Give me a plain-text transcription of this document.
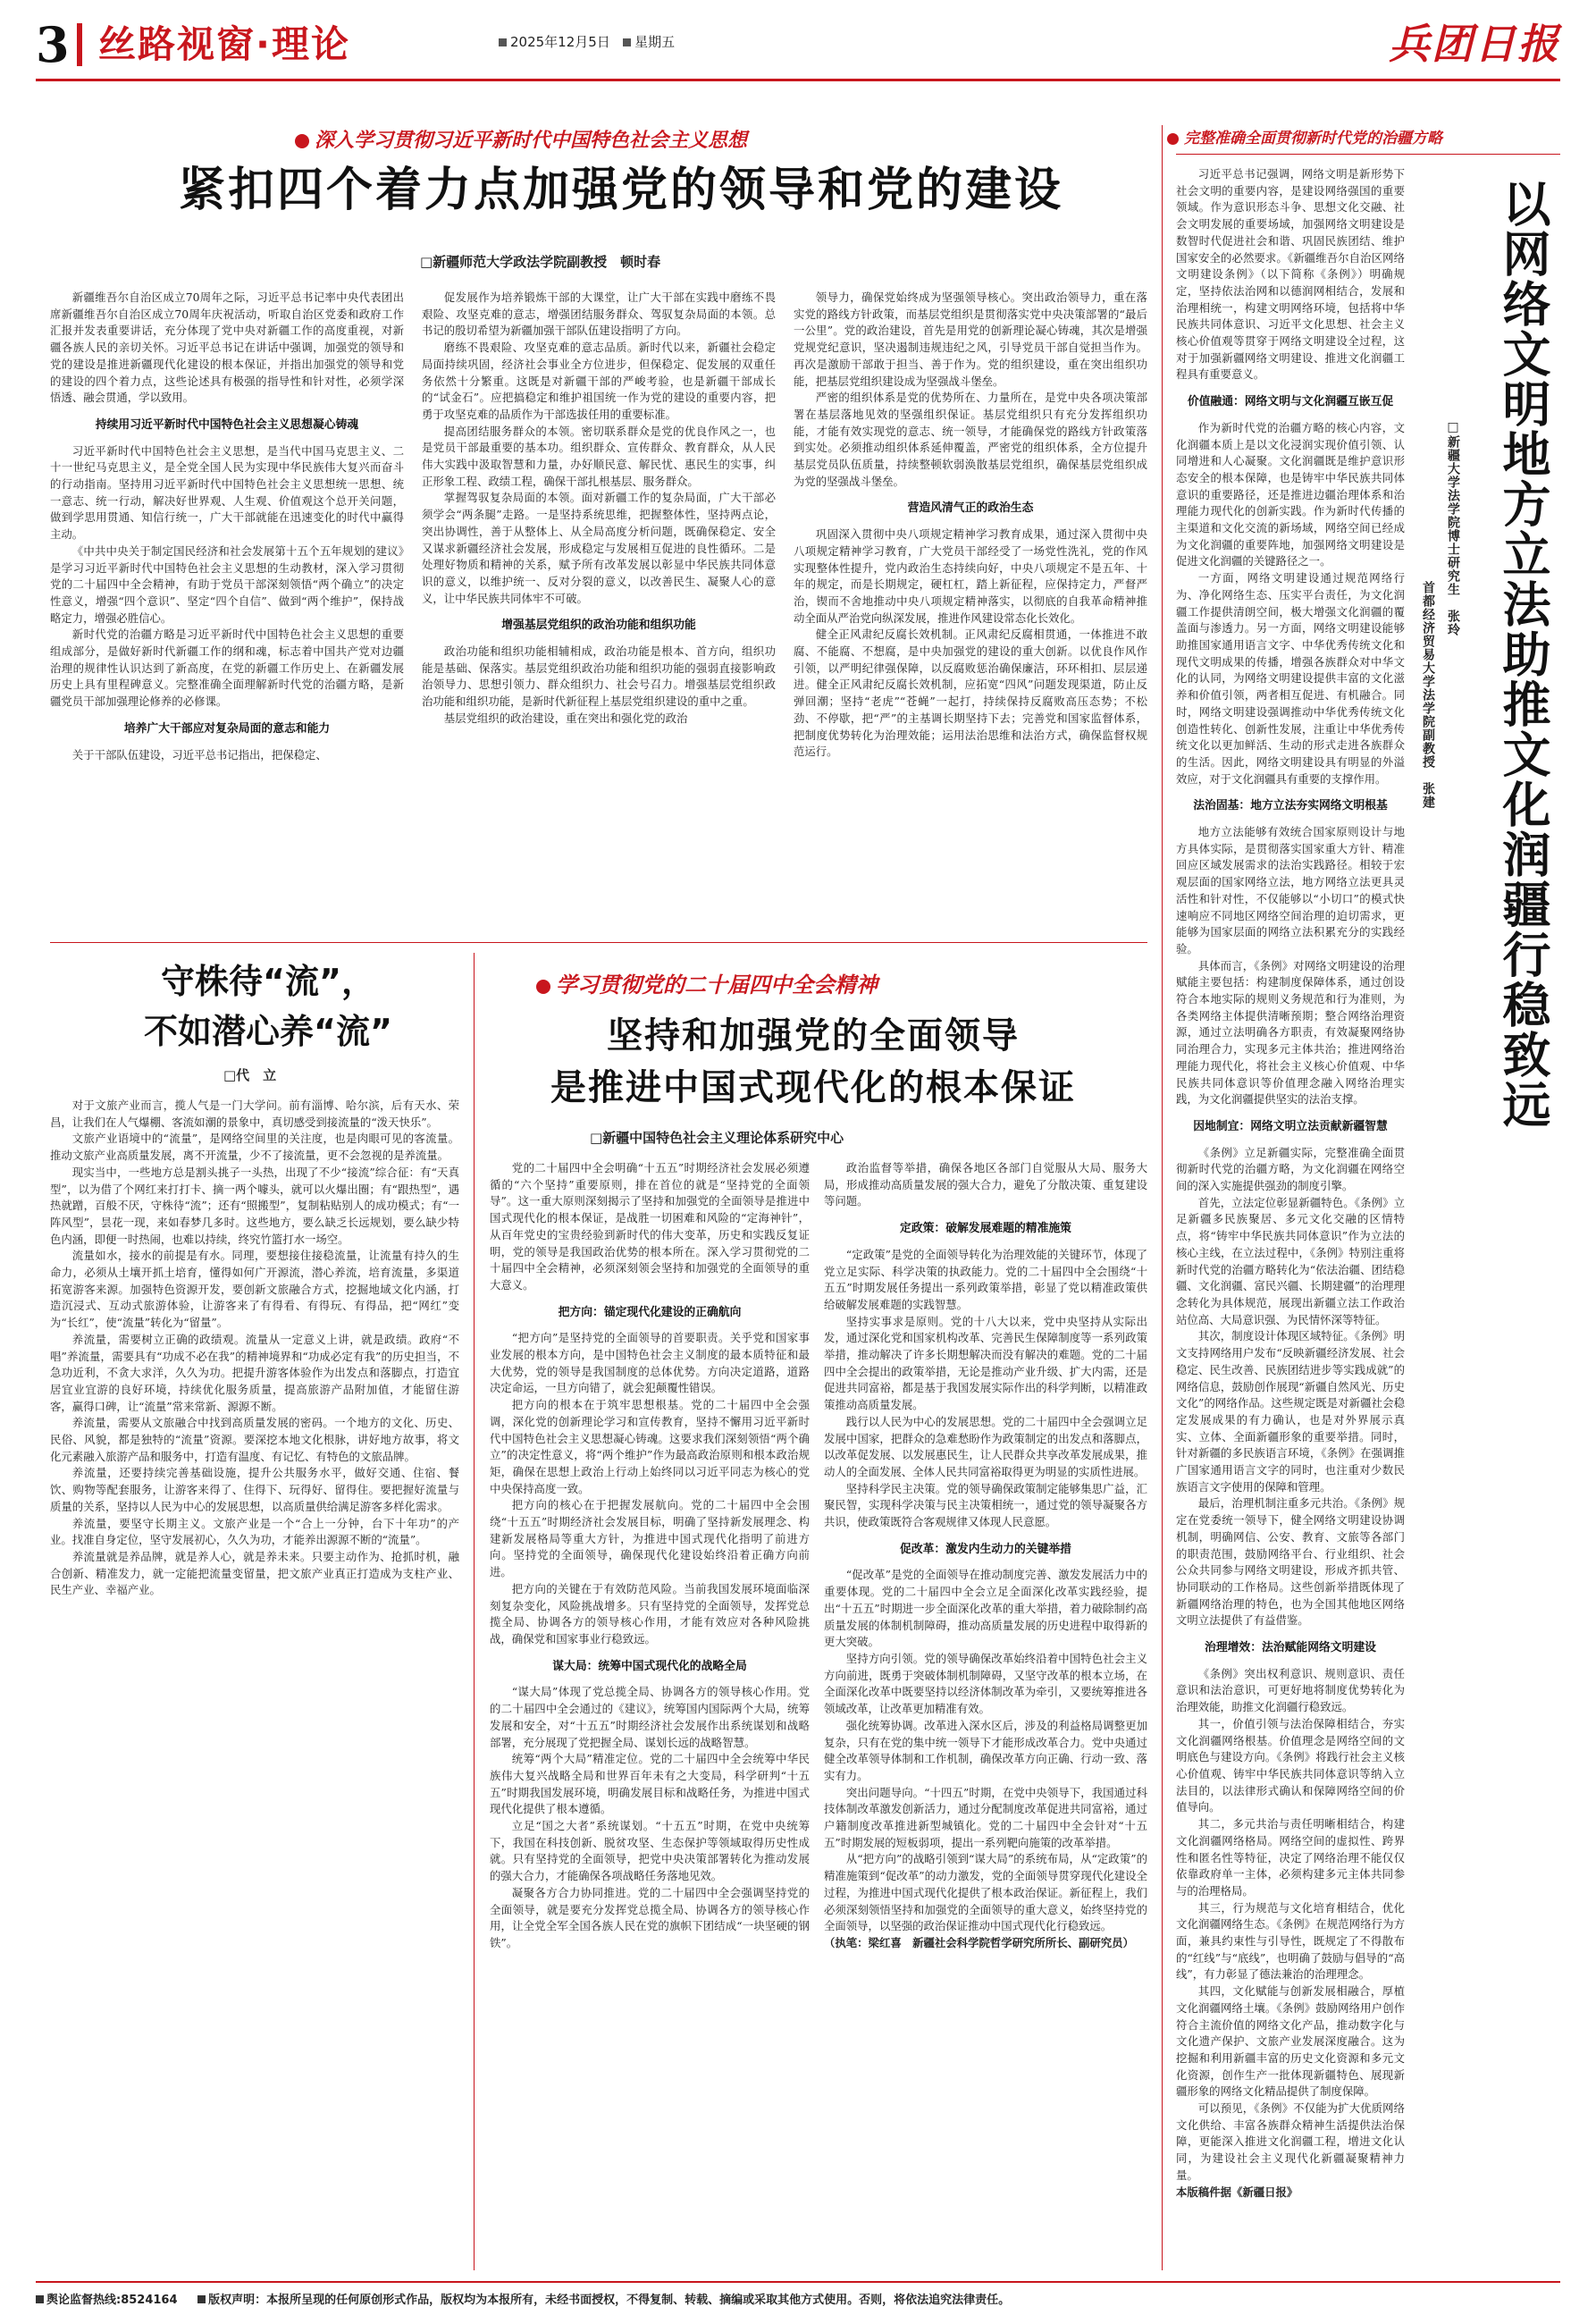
3 丝路视窗·理论	2025年12月5日 星期五	兵团日报
深入学习贯彻习近平新时代中国特色社会主义思想
紧扣四个着力点加强党的领导和党的建设
□新疆师范大学政法学院副教授　顿时春

新疆维吾尔自治区成立70周年之际，习近平总书记率中央代表团出席新疆维吾尔自治区成立70周年庆祝活动，听取自治区党委和政府工作汇报并发表重要讲话，充分体现了党中央对新疆工作的高度重视，对新疆各族人民的亲切关怀。习近平总书记在讲话中强调，加强党的领导和党的建设是推进新疆现代化建设的根本保证，并指出加强党的领导和党的建设的四个着力点，这些论述具有极强的指导性和针对性，必须学深悟透、融会贯通，学以致用。

持续用习近平新时代中国特色社会主义思想凝心铸魂

习近平新时代中国特色社会主义思想，是当代中国马克思主义、二十一世纪马克思主义，是全党全国人民为实现中华民族伟大复兴而奋斗的行动指南。坚持用习近平新时代中国特色社会主义思想统一思想、统一意志、统一行动，解决好世界观、人生观、价值观这个总开关问题，做到学思用贯通、知信行统一，广大干部就能在迅速变化的时代中赢得主动。

《中共中央关于制定国民经济和社会发展第十五个五年规划的建议》是学习习近平新时代中国特色社会主义思想的生动教材，深入学习贯彻党的二十届四中全会精神，有助于党员干部深刻领悟“两个确立”的决定性意义，增强“四个意识”、坚定“四个自信”、做到“两个维护”，保持战略定力，增强必胜信心。

新时代党的治疆方略是习近平新时代中国特色社会主义思想的重要组成部分，是做好新时代新疆工作的纲和魂，标志着中国共产党对边疆治理的规律性认识达到了新高度，在党的新疆工作历史上、在新疆发展历史上具有里程碑意义。完整准确全面理解新时代党的治疆方略，是新疆党员干部加强理论修养的必修课。

培养广大干部应对复杂局面的意志和能力

关于干部队伍建设，习近平总书记指出，把保稳定、

促发展作为培养锻炼干部的大课堂，让广大干部在实践中磨练不畏艰险、攻坚克难的意志，增强团结服务群众、驾驭复杂局面的本领。总书记的殷切希望为新疆加强干部队伍建设指明了方向。

磨练不畏艰险、攻坚克难的意志品质。新时代以来，新疆社会稳定局面持续巩固，经济社会事业全方位进步，但保稳定、促发展的双重任务依然十分繁重。这既是对新疆干部的严峻考验，也是新疆干部成长的“试金石”。应把搞稳定和维护祖国统一作为党的建设的重要内容，把勇于攻坚克难的品质作为干部选拔任用的重要标准。

提高团结服务群众的本领。密切联系群众是党的优良作风之一，也是党员干部最重要的基本功。组织群众、宣传群众、教育群众，从人民伟大实践中汲取智慧和力量，办好顺民意、解民忧、惠民生的实事，纠正形象工程、政绩工程，确保干部扎根基层、服务群众。

掌握驾驭复杂局面的本领。面对新疆工作的复杂局面，广大干部必须学会“两条腿”走路。一是坚持系统思维，把握整体性，坚持两点论，突出协调性，善于从整体上、从全局高度分析问题，既确保稳定、安全又谋求新疆经济社会发展，形成稳定与发展相互促进的良性循环。二是处理好物质和精神的关系，赋予所有改革发展以彰显中华民族共同体意识的意义，以维护统一、反对分裂的意义，以改善民生、凝聚人心的意义，让中华民族共同体牢不可破。

增强基层党组织的政治功能和组织功能

政治功能和组织功能相辅相成，政治功能是根本、首方向，组织功能是基础、保落实。基层党组织政治功能和组织功能的强弱直接影响政治领导力、思想引领力、群众组织力、社会号召力。增强基层党组织政治功能和组织功能，是新时代新征程上基层党组织建设的重中之重。

基层党组织的政治建设，重在突出和强化党的政治

领导力，确保党始终成为坚强领导核心。突出政治领导力，重在落实党的路线方针政策，而基层党组织是贯彻落实党中央决策部署的“最后一公里”。党的政治建设，首先是用党的创新理论凝心铸魂，其次是增强党规党纪意识，坚决遏制违规违纪之风，引导党员干部自觉担当作为。再次是激励干部敢于担当、善于作为。党的组织建设，重在突出组织功能，把基层党组织建设成为坚强战斗堡垒。

严密的组织体系是党的优势所在、力量所在，是党中央各项决策部署在基层落地见效的坚强组织保证。基层党组织只有充分发挥组织功能，才能有效实现党的意志、统一领导，才能确保党的路线方针政策落到实处。必须推动组织体系延伸覆盖，严密党的组织体系，全方位提升基层党员队伍质量，持续整顿软弱涣散基层党组织，确保基层党组织成为党的坚强战斗堡垒。

营造风清气正的政治生态

巩固深入贯彻中央八项规定精神学习教育成果，通过深入贯彻中央八项规定精神学习教育，广大党员干部经受了一场党性洗礼，党的作风实现整体性提升，党内政治生态持续向好，中央八项规定不是五年、十年的规定，而是长期规定，硬杠杠，踏上新征程，应保持定力，严督严治，锲而不舍地推动中央八项规定精神落实，以彻底的自我革命精神推动全面从严治党向纵深发展，推进作风建设常态化长效化。

健全正风肃纪反腐长效机制。正风肃纪反腐相贯通，一体推进不敢腐、不能腐、不想腐，是中央加强党的建设的重大创新。以优良作风作引领，以严明纪律强保障，以反腐败惩治确保廉洁，环环相扣、层层递进。健全正风肃纪反腐长效机制，应拓宽“四风”问题发现渠道，防止反弹回潮；坚持“老虎”“苍蝇”一起打，持续保持反腐败高压态势；不松劲、不停歇，把“严”的主基调长期坚持下去；完善党和国家监督体系，把制度优势转化为治理效能；运用法治思维和法治方式，确保监督权规范运行。

守株待“流”，
不如潜心养“流”
□代　立

对于文旅产业而言，揽人气是一门大学问。前有淄博、哈尔滨，后有天水、荣昌，让我们在人气爆棚、客流如潮的景象中，真切感受到接流量的“泼天快乐”。

文旅产业语境中的“流量”，是网络空间里的关注度，也是肉眼可见的客流量。推动文旅产业高质量发展，离不开流量，少不了接流量，更不会忽视的是养流量。

现实当中，一些地方总是割头挑子一头热，出现了不少“接流”综合征：有“天真型”，以为借了个网红来打打卡、摘一两个噱头，就可以火爆出圈；有“跟热型”，遇热就蹭，百般不厌，守株待“流”；还有“照搬型”，复制粘贴别人的成功模式；有“一阵风型”，昙花一现，来如春梦几多时。这些地方，要么缺乏长远规划，要么缺少特色内涵，即便一时热闹，也难以持续，终究竹篮打水一场空。

流量如水，接水的前提是有水。同理，要想接住接稳流量，让流量有持久的生命力，必须从土壤开抓土培育，懂得如何广开源流，潜心养流，培育流量，多渠道拓宽游客来源。加强特色资源开发，要创新文旅融合方式，挖掘地域文化内涵，打造沉浸式、互动式旅游体验，让游客来了有得看、有得玩、有得品，把“网红”变为“长红”，使“流量”转化为“留量”。

养流量，需要树立正确的政绩观。流量从一定意义上讲，就是政绩。政府“不唱”养流量，需要具有“功成不必在我”的精神境界和“功成必定有我”的历史担当，不急功近利，不贪大求洋，久久为功。把提升游客体验作为出发点和落脚点，打造宜居宜业宜游的良好环境，持续优化服务质量，提高旅游产品附加值，才能留住游客，赢得口碑，让“流量”常来常新、源源不断。

养流量，需要从文旅融合中找到高质量发展的密码。一个地方的文化、历史、民俗、风貌，都是独特的“流量”资源。要深挖本地文化根脉，讲好地方故事，将文化元素融入旅游产品和服务中，打造有温度、有记忆、有特色的文旅品牌。

养流量，还要持续完善基础设施，提升公共服务水平，做好交通、住宿、餐饮、购物等配套服务，让游客来得了、住得下、玩得好、留得住。要把握好流量与质量的关系，坚持以人民为中心的发展思想，以高质量供给满足游客多样化需求。

养流量，要坚守长期主义。文旅产业是一个“合上一分钟，台下十年功”的产业。找准自身定位，坚守发展初心，久久为功，才能养出源源不断的“流量”。

养流量就是养品牌，就是养人心，就是养未来。只要主动作为、抢抓时机，融合创新、精准发力，就一定能把流量变留量，把文旅产业真正打造成为支柱产业、民生产业、幸福产业。

学习贯彻党的二十届四中全会精神
坚持和加强党的全面领导
是推进中国式现代化的根本保证
□新疆中国特色社会主义理论体系研究中心

党的二十届四中全会明确“十五五”时期经济社会发展必须遵循的“六个坚持”重要原则，排在首位的就是“坚持党的全面领导”。这一重大原则深刻揭示了坚持和加强党的全面领导是推进中国式现代化的根本保证，是战胜一切困难和风险的“定海神针”，从百年党史的宝贵经验到新时代的伟大变革，历史和实践反复证明，党的领导是我国政治优势的根本所在。深入学习贯彻党的二十届四中全会精神，必须深刻领会坚持和加强党的全面领导的重大意义。

把方向：锚定现代化建设的正确航向

“把方向”是坚持党的全面领导的首要职责。关乎党和国家事业发展的根本方向，是中国特色社会主义制度的最本质特征和最大优势，党的领导是我国制度的总体优势。方向决定道路，道路决定命运，一旦方向错了，就会犯颠覆性错误。

把方向的根本在于筑牢思想根基。党的二十届四中全会强调，深化党的创新理论学习和宣传教育，坚持不懈用习近平新时代中国特色社会主义思想凝心铸魂。这要求我们深刻领悟“两个确立”的决定性意义，将“两个维护”作为最高政治原则和根本政治规矩，确保在思想上政治上行动上始终同以习近平同志为核心的党中央保持高度一致。

把方向的核心在于把握发展航向。党的二十届四中全会围绕“十五五”时期经济社会发展目标，明确了坚持新发展理念、构建新发展格局等重大方针，为推进中国式现代化指明了前进方向。坚持党的全面领导，确保现代化建设始终沿着正确方向前进。

把方向的关键在于有效防范风险。当前我国发展环境面临深刻复杂变化，风险挑战增多。只有坚持党的全面领导，发挥党总揽全局、协调各方的领导核心作用，才能有效应对各种风险挑战，确保党和国家事业行稳致远。

谋大局：统筹中国式现代化的战略全局

“谋大局”体现了党总揽全局、协调各方的领导核心作用。党的二十届四中全会通过的《建议》，统筹国内国际两个大局，统筹发展和安全，对“十五五”时期经济社会发展作出系统谋划和战略部署，充分展现了党把握全局、谋划长远的战略智慧。

统筹“两个大局”精准定位。党的二十届四中全会统筹中华民族伟大复兴战略全局和世界百年未有之大变局，科学研判“十五五”时期我国发展环境，明确发展目标和战略任务，为推进中国式现代化提供了根本遵循。

立足“国之大者”系统谋划。“十五五”时期，在党中央统筹下，我国在科技创新、脱贫攻坚、生态保护等领域取得历史性成就。只有坚持党的全面领导，把党中央决策部署转化为推动发展的强大合力，才能确保各项战略任务落地见效。

凝聚各方合力协同推进。党的二十届四中全会强调坚持党的全面领导，就是要充分发挥党总揽全局、协调各方的领导核心作用，让全党全军全国各族人民在党的旗帜下团结成“一块坚硬的钢铁”。

政治监督等举措，确保各地区各部门自觉服从大局、服务大局，形成推动高质量发展的强大合力，避免了分散决策、重复建设等问题。

定政策：破解发展难题的精准施策

“定政策”是党的全面领导转化为治理效能的关键环节，体现了党立足实际、科学决策的执政能力。党的二十届四中全会围绕“十五五”时期发展任务提出一系列政策举措，彰显了党以精准政策供给破解发展难题的实践智慧。

坚持实事求是原则。党的十八大以来，党中央坚持从实际出发，通过深化党和国家机构改革、完善民生保障制度等一系列政策举措，推动解决了许多长期想解决而没有解决的难题。党的二十届四中全会提出的政策举措，无论是推动产业升级、扩大内需，还是促进共同富裕，都是基于我国发展实际作出的科学判断，以精准政策推动高质量发展。

践行以人民为中心的发展思想。党的二十届四中全会强调立足发展中国家，把群众的急难愁盼作为政策制定的出发点和落脚点，以改革促发展、以发展惠民生，让人民群众共享改革发展成果，推动人的全面发展、全体人民共同富裕取得更为明显的实质性进展。

坚持科学民主决策。党的领导确保政策制定能够集思广益，汇聚民智，实现科学决策与民主决策相统一，通过党的领导凝聚各方共识，使政策既符合客观规律又体现人民意愿。

促改革：激发内生动力的关键举措

“促改革”是党的全面领导在推动制度完善、激发发展活力中的重要体现。党的二十届四中全会立足全面深化改革实践经验，提出“十五五”时期进一步全面深化改革的重大举措，着力破除制约高质量发展的体制机制障碍，推动高质量发展的历史进程中取得新的更大突破。

坚持方向引领。党的领导确保改革始终沿着中国特色社会主义方向前进，既勇于突破体制机制障碍，又坚守改革的根本立场，在全面深化改革中既要坚持以经济体制改革为牵引，又要统筹推进各领域改革，让改革更加精准有效。

强化统筹协调。改革进入深水区后，涉及的利益格局调整更加复杂，只有在党的集中统一领导下才能形成改革合力。党中央通过健全改革领导体制和工作机制，确保改革方向正确、行动一致、落实有力。

突出问题导向。“十四五”时期，在党中央领导下，我国通过科技体制改革激发创新活力，通过分配制度改革促进共同富裕，通过户籍制度改革推进新型城镇化。党的二十届四中全会针对“十五五”时期发展的短板弱项，提出一系列靶向施策的改革举措。

从“把方向”的战略引领到“谋大局”的系统布局，从“定政策”的精准施策到“促改革”的动力激发，党的全面领导贯穿现代化建设全过程，为推进中国式现代化提供了根本政治保证。新征程上，我们必须深刻领悟坚持和加强党的全面领导的重大意义，始终坚持党的全面领导，以坚强的政治保证推动中国式现代化行稳致远。

（执笔：梁红喜　新疆社会科学院哲学研究所所长、副研究员）

完整准确全面贯彻新时代党的治疆方略
以网络文明地方立法助推文化润疆行稳致远
□新疆大学法学院博士研究生　张玲
首都经济贸易大学法学院副教授　张建

习近平总书记强调，网络文明是新形势下社会文明的重要内容，是建设网络强国的重要领域。作为意识形态斗争、思想文化交融、社会文明发展的重要场域，加强网络文明建设是数智时代促进社会和谐、巩固民族团结、维护国家安全的必然要求。《新疆维吾尔自治区网络文明建设条例》（以下简称《条例》）明确规定，坚持依法治网和以德润网相结合，发展和治理相统一，构建文明网络环境，包括将中华民族共同体意识、习近平文化思想、社会主义核心价值观等贯穿于网络文明建设全过程，这对于加强新疆网络文明建设、推进文化润疆工程具有重要意义。

价值融通：网络文明与文化润疆互嵌互促

作为新时代党的治疆方略的核心内容，文化润疆本质上是以文化浸润实现价值引领、认同增进和人心凝聚。文化润疆既是维护意识形态安全的根本保障，也是铸牢中华民族共同体意识的重要路径，还是推进边疆治理体系和治理能力现代化的创新实践。作为新时代传播的主渠道和文化交流的新场域，网络空间已经成为文化润疆的重要阵地，加强网络文明建设是促进文化润疆的关键路径之一。

一方面，网络文明建设通过规范网络行为、净化网络生态、压实平台责任，为文化润疆工作提供清朗空间，极大增强文化润疆的覆盖面与渗透力。另一方面，网络文明建设能够助推国家通用语言文字、中华优秀传统文化和现代文明成果的传播，增强各族群众对中华文化的认同，为网络文明建设提供丰富的文化滋养和价值引领，两者相互促进、有机融合。同时，网络文明建设强调推动中华优秀传统文化创造性转化、创新性发展，注重让中华优秀传统文化以更加鲜活、生动的形式走进各族群众的生活。因此，网络文明建设具有明显的外溢效应，对于文化润疆具有重要的支撑作用。

法治固基：地方立法夯实网络文明根基

地方立法能够有效统合国家原则设计与地方具体实际，是贯彻落实国家重大方针、精准回应区域发展需求的法治实践路径。相较于宏观层面的国家网络立法，地方网络立法更具灵活性和针对性，不仅能够以“小切口”的模式快速响应不同地区网络空间治理的迫切需求，更能够为国家层面的网络立法积累充分的实践经验。

具体而言，《条例》对网络文明建设的治理赋能主要包括：构建制度保障体系，通过创设符合本地实际的规则义务规范和行为准则，为各类网络主体提供清晰预期；整合网络治理资源，通过立法明确各方职责，有效凝聚网络协同治理合力，实现多元主体共治；推进网络治理能力现代化，将社会主义核心价值观、中华民族共同体意识等价值理念融入网络治理实践，为文化润疆提供坚实的法治支撑。

因地制宜：网络文明立法贡献新疆智慧

《条例》立足新疆实际，完整准确全面贯彻新时代党的治疆方略，为文化润疆在网络空间的深入实施提供强劲的制度引擎。

首先，立法定位彰显新疆特色。《条例》立足新疆多民族聚居、多元文化交融的区情特点，将“铸牢中华民族共同体意识”作为立法的核心主线，在立法过程中，《条例》特别注重将新时代党的治疆方略转化为“依法治疆、团结稳疆、文化润疆、富民兴疆、长期建疆”的治理理念转化为具体规范，展现出新疆立法工作政治站位高、大局意识强、为民情怀深等特征。

其次，制度设计体现区域特征。《条例》明文支持网络用户发布“反映新疆经济发展、社会稳定、民生改善、民族团结进步等实践成就”的网络信息，鼓励创作展现“新疆自然风光、历史文化”的网络作品。这些规定既是对新疆社会稳定发展成果的有力确认，也是对外界展示真实、立体、全面新疆形象的重要举措。同时，针对新疆的多民族语言环境，《条例》在强调推广国家通用语言文字的同时，也注重对少数民族语言文字使用的保障和管理。

最后，治理机制注重多元共治。《条例》规定在党委统一领导下，健全网络文明建设协调机制，明确网信、公安、教育、文旅等各部门的职责范围，鼓励网络平台、行业组织、社会公众共同参与网络文明建设，形成齐抓共管、协同联动的工作格局。这些创新举措既体现了新疆网络治理的特色，也为全国其他地区网络文明立法提供了有益借鉴。

治理增效：法治赋能网络文明建设

《条例》突出权利意识、规则意识、责任意识和法治意识，可更好地将制度优势转化为治理效能，助推文化润疆行稳致远。

其一，价值引领与法治保障相结合，夯实文化润疆网络根基。价值理念是网络空间的文明底色与建设方向。《条例》将践行社会主义核心价值观、铸牢中华民族共同体意识等纳入立法目的，以法律形式确认和保障网络空间的价值导向。

其二，多元共治与责任明晰相结合，构建文化润疆网络格局。网络空间的虚拟性、跨界性和匿名性等特征，决定了网络治理不能仅仅依靠政府单一主体，必须构建多元主体共同参与的治理格局。

其三，行为规范与文化培育相结合，优化文化润疆网络生态。《条例》在规范网络行为方面，兼具约束性与引导性，既规定了不得散布的“红线”与“底线”，也明确了鼓励与倡导的“高线”，有力彰显了德法兼治的治理理念。

其四，文化赋能与创新发展相融合，厚植文化润疆网络土壤。《条例》鼓励网络用户创作符合主流价值的网络文化产品，推动数字化与文化遗产保护、文旅产业发展深度融合。这为挖掘和利用新疆丰富的历史文化资源和多元文化资源，创作生产一批体现新疆特色、展现新疆形象的网络文化精品提供了制度保障。

可以预见，《条例》不仅能为扩大优质网络文化供给、丰富各族群众精神生活提供法治保障，更能深入推进文化润疆工程，增进文化认同，为建设社会主义现代化新疆凝聚精神力量。

本版稿件据《新疆日报》

舆论监督热线:8524164	版权声明：本报所呈现的任何原创形式作品，版权均为本报所有，未经书面授权，不得复制、转载、摘编或采取其他方式使用。否则，将依法追究法律责任。
